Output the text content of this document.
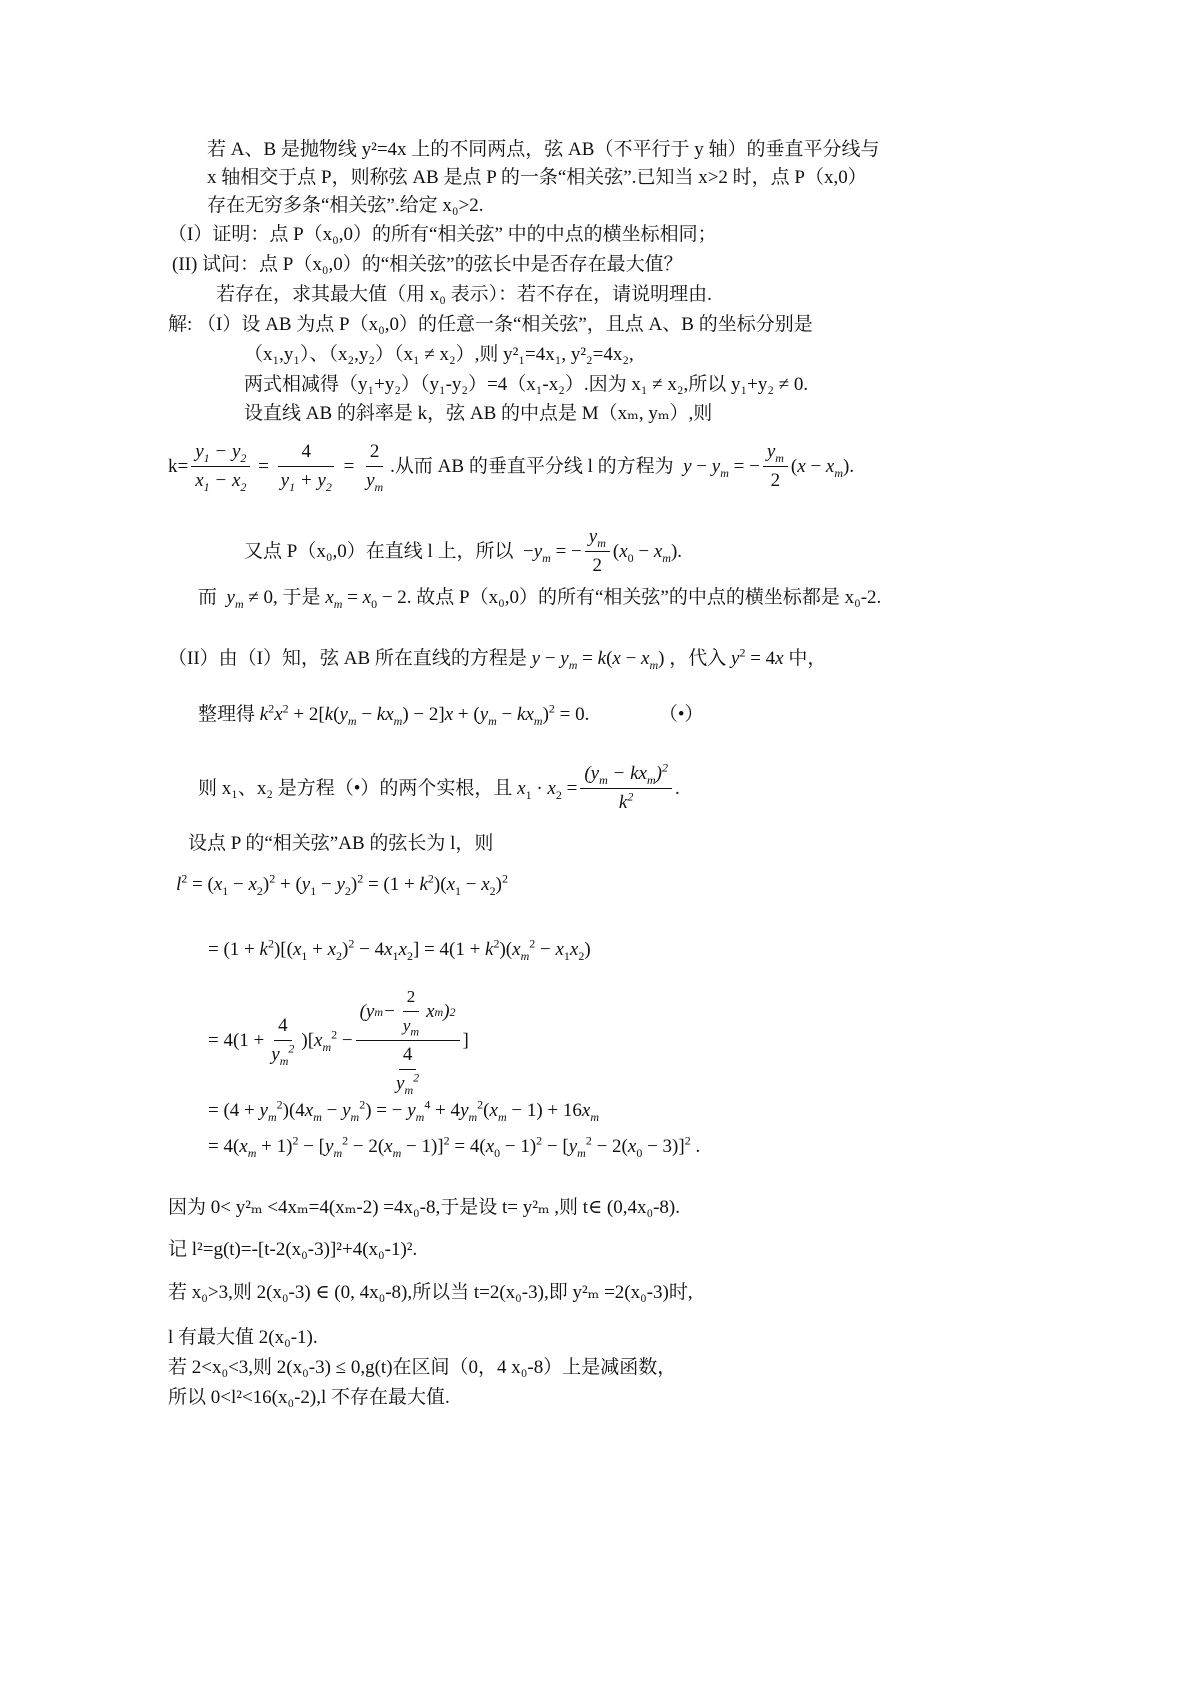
若 A、B 是抛物线 y²=4x 上的不同两点，弦 AB（不平行于 y 轴）的垂直平分线与
x 轴相交于点 P，则称弦 AB 是点 P 的一条“相关弦”.已知当 x>2 时，点 P（x,0）
存在无穷多条“相关弦”.给定 x₀>2.
（I）证明：点 P（x₀,0）的所有“相关弦” 中的中点的横坐标相同；
(II) 试问：点 P（x₀,0）的“相关弦”的弦长中是否存在最大值？
若存在，求其最大值（用 x₀ 表示）：若不存在，请说明理由.
解: （I）设 AB 为点 P（x₀,0）的任意一条“相关弦”，且点 A、B 的坐标分别是
（x₁,y₁）、（x₂,y₂）（x₁ ≠ x₂）,则 y²₁=4x₁, y²₂=4x₂,
两式相减得（y₁+y₂）（y₁-y₂）=4（x₁-x₂）.因为 x₁ ≠ x₂,所以 y₁+y₂ ≠ 0.
设直线 AB 的斜率是 k，弦 AB 的中点是 M（xₘ, yₘ）,则
$k= \frac{y_1 - y_2}{x_1 - x_2} = \frac{4}{y_1 + y_2} = \frac{2}{y_m}$ .从而 AB 的垂直平分线 l 的方程为 $y - y_m$ = − $\frac{y_m}{2} (x - x_m)$.
又点 P（x₀,0）在直线 l 上，所以 $-y_m$ = − $\frac{y_m}{2} (x_0 - x_m)$.
而 $y_m \ne 0$, 于是 $x_m = x_0 - 2$. 故点 P（x₀,0）的所有“相关弦”的中点的横坐标都是 x₀-2.
（II）由（I）知，弦 AB 所在直线的方程是 $y - y_m = k(x - x_m)$ ，代入 $y^2 = 4x$ 中，
整理得 $k^2x^2 + 2[k(y_m - kx_m) - 2]x + (y_m - kx_m)^2 = 0$.	（•）
则 x₁、x₂ 是方程（•）的两个实根，且 $x_1 \cdot x_2 = \frac{(y_m - kx_m)^2}{k^2}$ .
设点 P 的“相关弦”AB 的弦长为 l，则
$l^2 = (x_1 - x_2)^2 + (y_1 - y_2)^2 = (1 + k^2)(x_1 - x_2)^2$
= $(1 + k^2)[(x_1 + x_2)^2 - 4x_1x_2] = 4(1 + k^2)(x_m^2 - x_1x_2)$
= $4(1 + \frac{4}{y_m^2} )[x_m^2 - \frac{(y m - \frac{2}{y_m} x m ) 2}{\frac{4}{y_m^2}}$ ]
= $(4 + y_m^2)(4x_m - y_m^2)$ = − $y_m^4 + 4y_m^2(x_m - 1) + 16x_m$
= $4(x_m + 1)^2 - [y_m^2 - 2(x_m - 1)]^2 = 4(x_0 - 1)^2 - [y_m^2 - 2(x_0 - 3)]^2$ .
因为 0< y²ₘ <4xₘ=4(xₘ-2) =4x₀-8,于是设 t= y²ₘ ,则 t∈ (0,4x₀-8).
记 l²=g(t)=-[t-2(x₀-3)]²+4(x₀-1)².
若 x₀>3,则 2(x₀-3) ∈ (0, 4x₀-8),所以当 t=2(x₀-3),即 y²ₘ =2(x₀-3)时,
l 有最大值 2(x₀-1).
若 2<x₀<3,则 2(x₀-3) ≤ 0,g(t)在区间（0，4 x₀-8）上是减函数，
所以 0<l²<16(x₀-2),l 不存在最大值.
